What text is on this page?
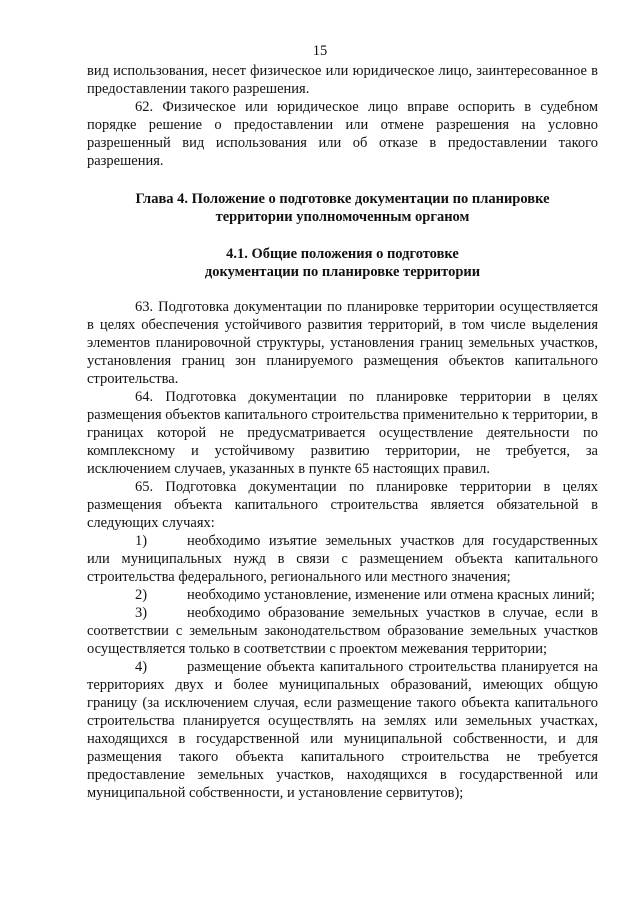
15

вид использования, несет физическое или юридическое лицо, заинтересованное в предоставлении такого разрешения.

62. Физическое или юридическое лицо вправе оспорить в судебном порядке решение о предоставлении или отмене разрешения на условно разрешенный вид использования или об отказе в предоставлении такого разрешения.

Глава 4. Положение о подготовке документации по планировке
территории уполномоченным органом
4.1. Общие положения о подготовке
документации по планировке территории

63. Подготовка документации по планировке территории осуществляется в целях обеспечения устойчивого развития территорий, в том числе выделения элементов планировочной структуры, установления границ земельных участков, установления границ зон планируемого размещения объектов капитального строительства.

64. Подготовка документации по планировке территории в целях размещения объектов капитального строительства применительно к территории, в границах которой не предусматривается осуществление деятельности по комплексному и устойчивому развитию территории, не требуется, за исключением случаев, указанных в пункте 65 настоящих правил.

65. Подготовка документации по планировке территории в целях размещения объекта капитального строительства является обязательной в следующих случаях:

1)	необходимо изъятие земельных участков для государственных или муниципальных нужд в связи с размещением объекта капитального строительства федерального, регионального или местного значения;

2)	необходимо установление, изменение или отмена красных линий;

3)	необходимо образование земельных участков в случае, если в соответствии с земельным законодательством образование земельных участков осуществляется только в соответствии с проектом межевания территории;

4)	размещение объекта капитального строительства планируется на территориях двух и более муниципальных образований, имеющих общую границу (за исключением случая, если размещение такого объекта капитального строительства планируется осуществлять на землях или земельных участках, находящихся в государственной или муниципальной собственности, и для размещения такого объекта капитального строительства не требуется предоставление земельных участков, находящихся в государственной или муниципальной собственности, и установление сервитутов);
